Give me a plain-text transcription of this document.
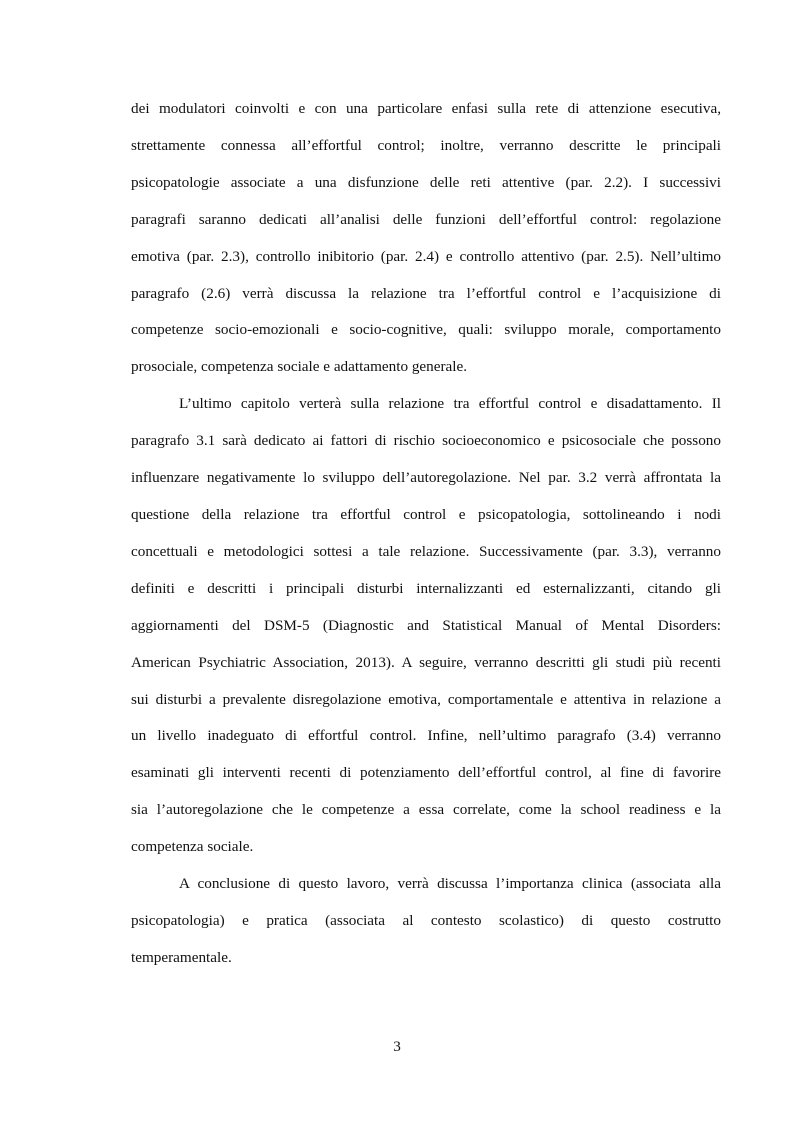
dei modulatori coinvolti e con una particolare enfasi sulla rete di attenzione esecutiva,
strettamente connessa all’effortful control; inoltre, verranno descritte le principali
psicopatologie associate a una disfunzione delle reti attentive (par. 2.2). I successivi
paragrafi saranno dedicati all’analisi delle funzioni dell’effortful control: regolazione
emotiva (par. 2.3), controllo inibitorio (par. 2.4) e controllo attentivo (par. 2.5). Nell’ultimo
paragrafo (2.6) verrà discussa la relazione tra l’effortful control e l’acquisizione di
competenze socio-emozionali e socio-cognitive, quali: sviluppo morale, comportamento
prosociale, competenza sociale e adattamento generale.
L’ultimo capitolo verterà sulla relazione tra effortful control e disadattamento. Il
paragrafo 3.1 sarà dedicato ai fattori di rischio socioeconomico e psicosociale che possono
influenzare negativamente lo sviluppo dell’autoregolazione. Nel par. 3.2 verrà affrontata la
questione della relazione tra effortful control e psicopatologia, sottolineando i nodi
concettuali e metodologici sottesi a tale relazione. Successivamente (par. 3.3), verranno
definiti e descritti i principali disturbi internalizzanti ed esternalizzanti, citando gli
aggiornamenti del DSM-5 (Diagnostic and Statistical Manual of Mental Disorders:
American Psychiatric Association, 2013). A seguire, verranno descritti gli studi più recenti
sui disturbi a prevalente disregolazione emotiva, comportamentale e attentiva in relazione a
un livello inadeguato di effortful control. Infine, nell’ultimo paragrafo (3.4) verranno
esaminati gli interventi recenti di potenziamento dell’effortful control, al fine di favorire
sia l’autoregolazione che le competenze a essa correlate, come la school readiness e la
competenza sociale.
A conclusione di questo lavoro, verrà discussa l’importanza clinica (associata alla
psicopatologia) e pratica (associata al contesto scolastico) di questo costrutto
temperamentale.
3
